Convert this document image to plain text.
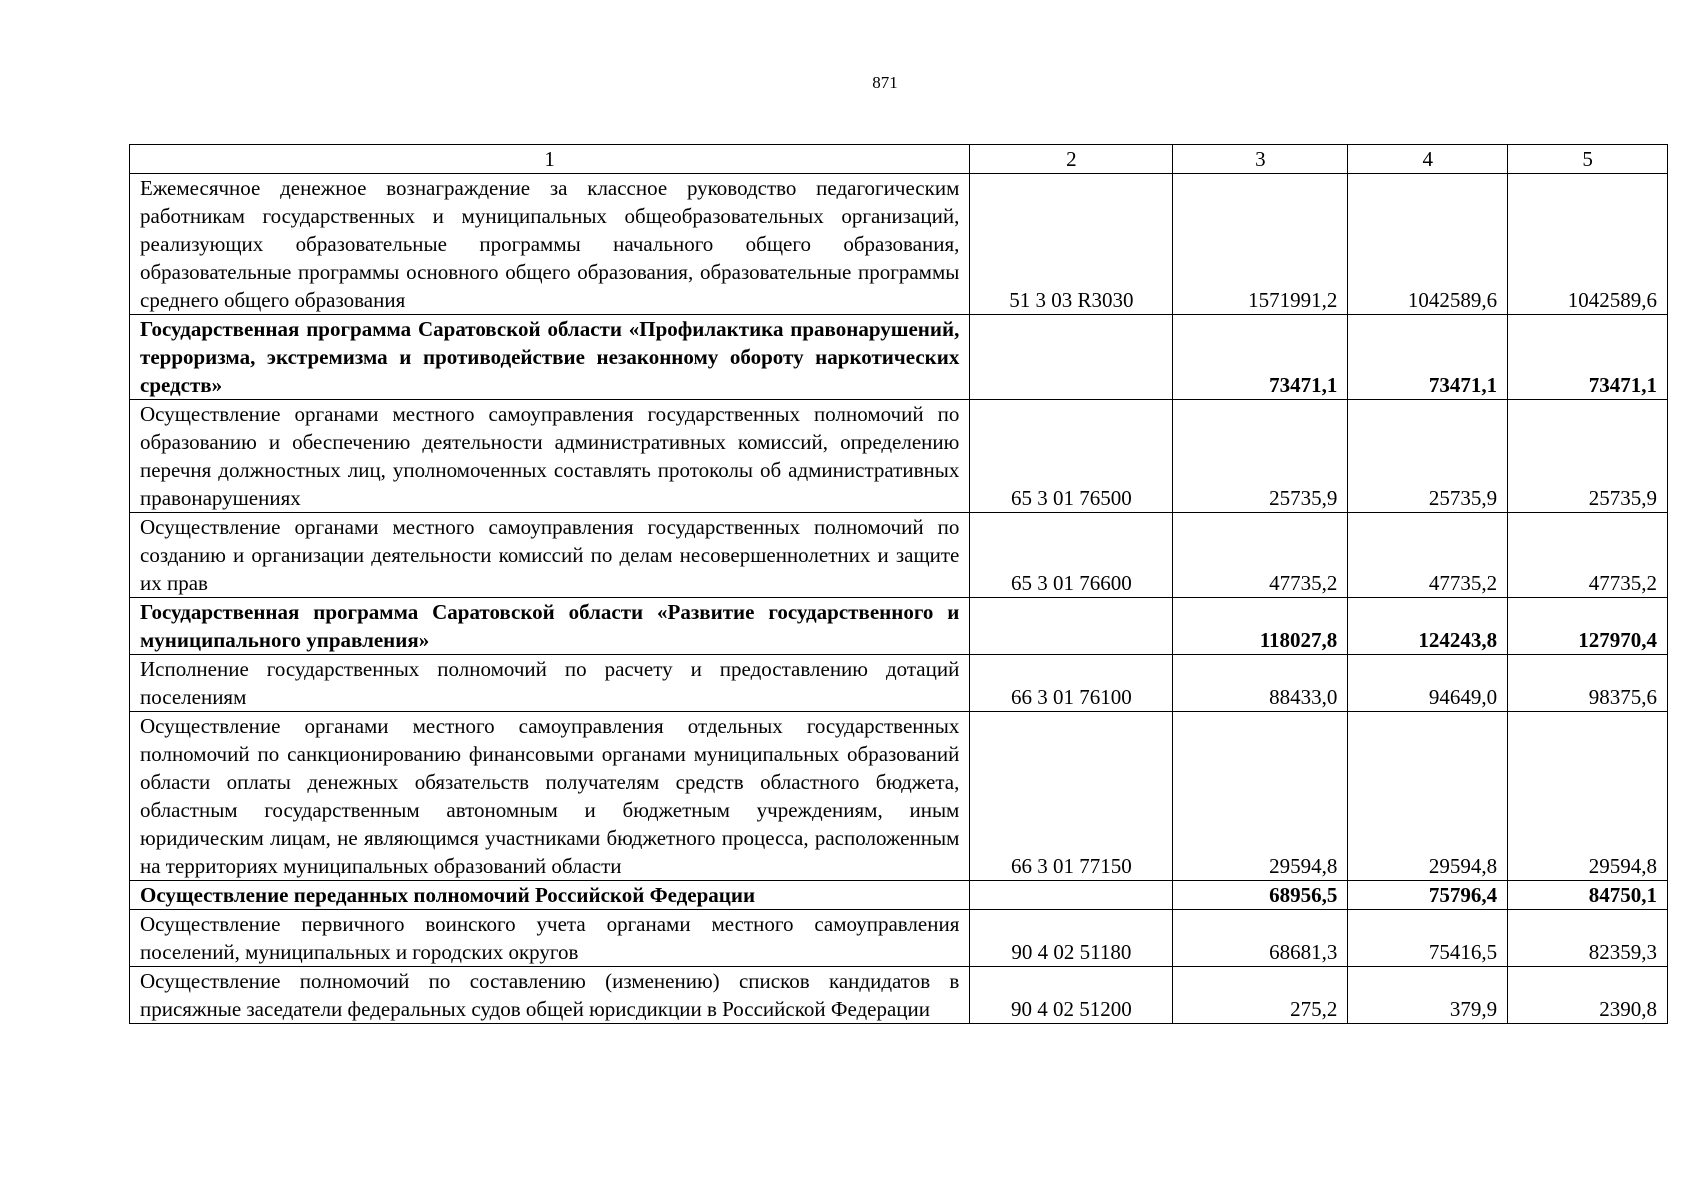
871
1	2	3	4	5
Ежемесячное денежное вознаграждение за классное руководство педагогическим работникам государственных и муниципальных общеобразовательных организаций, реализующих образовательные программы начального общего образования, образовательные программы основного общего образования, образовательные программы среднего общего образования	51 3 03 R3030	1571991,2	1042589,6	1042589,6
Государственная программа Саратовской области «Профилактика правонарушений, терроризма, экстремизма и противодействие незаконному обороту наркотических средств»		73471,1	73471,1	73471,1
Осуществление органами местного самоуправления государственных полномочий по образованию и обеспечению деятельности административных комиссий, определению перечня должностных лиц, уполномоченных составлять протоколы об административных правонарушениях	65 3 01 76500	25735,9	25735,9	25735,9
Осуществление органами местного самоуправления государственных полномочий по созданию и организации деятельности комиссий по делам несовершеннолетних и защите их прав	65 3 01 76600	47735,2	47735,2	47735,2
Государственная программа Саратовской области «Развитие государственного и муниципального управления»		118027,8	124243,8	127970,4
Исполнение государственных полномочий по расчету и предоставлению дотаций поселениям	66 3 01 76100	88433,0	94649,0	98375,6
Осуществление органами местного самоуправления отдельных государственных полномочий по санкционированию финансовыми органами муниципальных образований области оплаты денежных обязательств получателям средств областного бюджета, областным государственным автономным и бюджетным учреждениям, иным юридическим лицам, не являющимся участниками бюджетного процесса, расположенным на территориях муниципальных образований области	66 3 01 77150	29594,8	29594,8	29594,8
Осуществление переданных полномочий Российской Федерации		68956,5	75796,4	84750,1
Осуществление первичного воинского учета органами местного самоуправления поселений, муниципальных и городских округов	90 4 02 51180	68681,3	75416,5	82359,3
Осуществление полномочий по составлению (изменению) списков кандидатов в присяжные заседатели федеральных судов общей юрисдикции в Российской Федерации	90 4 02 51200	275,2	379,9	2390,8
